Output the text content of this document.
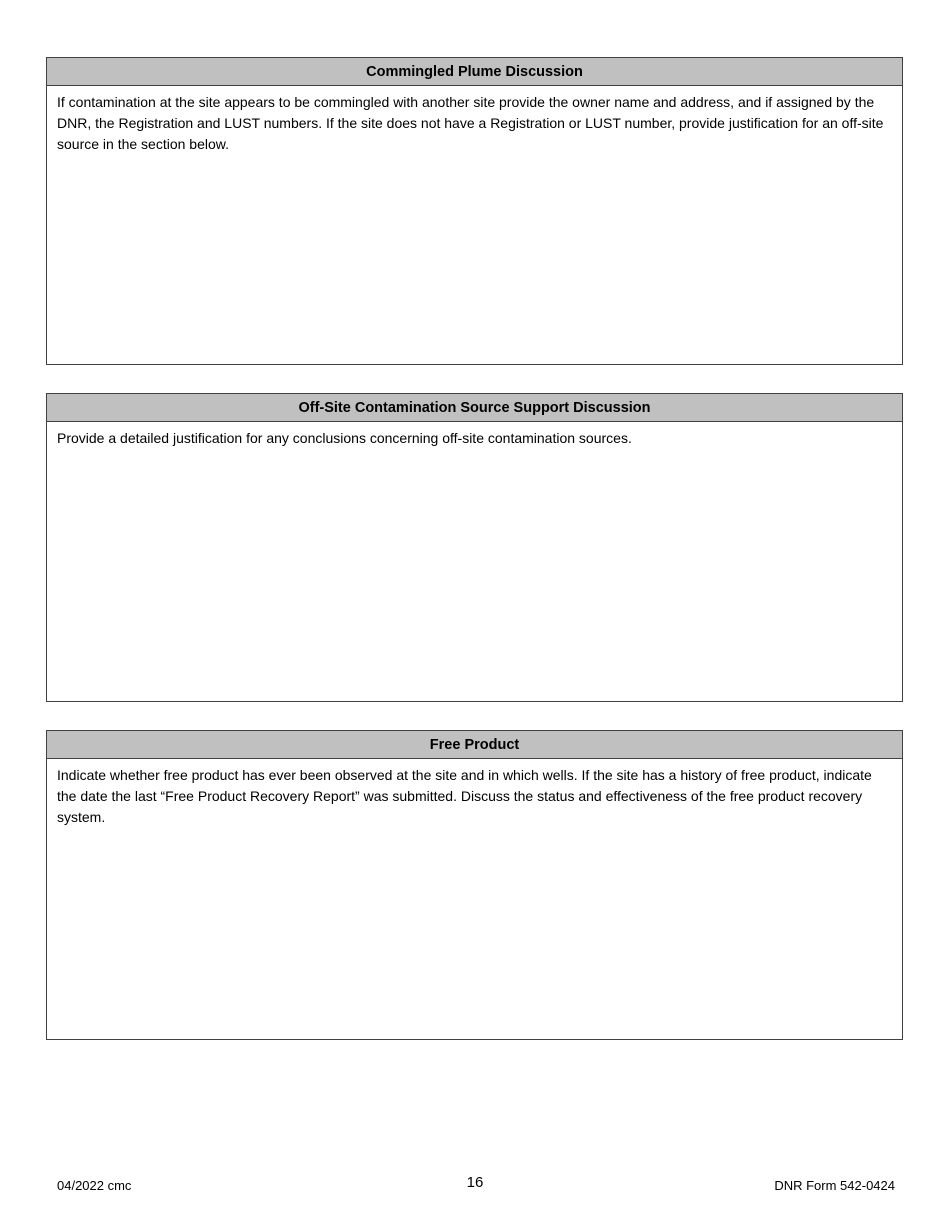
Commingled Plume Discussion

If contamination at the site appears to be commingled with another site provide the owner name and address, and if assigned by the DNR, the Registration and LUST numbers. If the site does not have a Registration or LUST number, provide justification for an off-site source in the section below.

Off-Site Contamination Source Support Discussion

Provide a detailed justification for any conclusions concerning off-site contamination sources.

Free Product

Indicate whether free product has ever been observed at the site and in which wells. If the site has a history of free product, indicate the date the last “Free Product Recovery Report” was submitted. Discuss the status and effectiveness of the free product recovery system.

04/2022 cmc	16	DNR Form 542-0424
